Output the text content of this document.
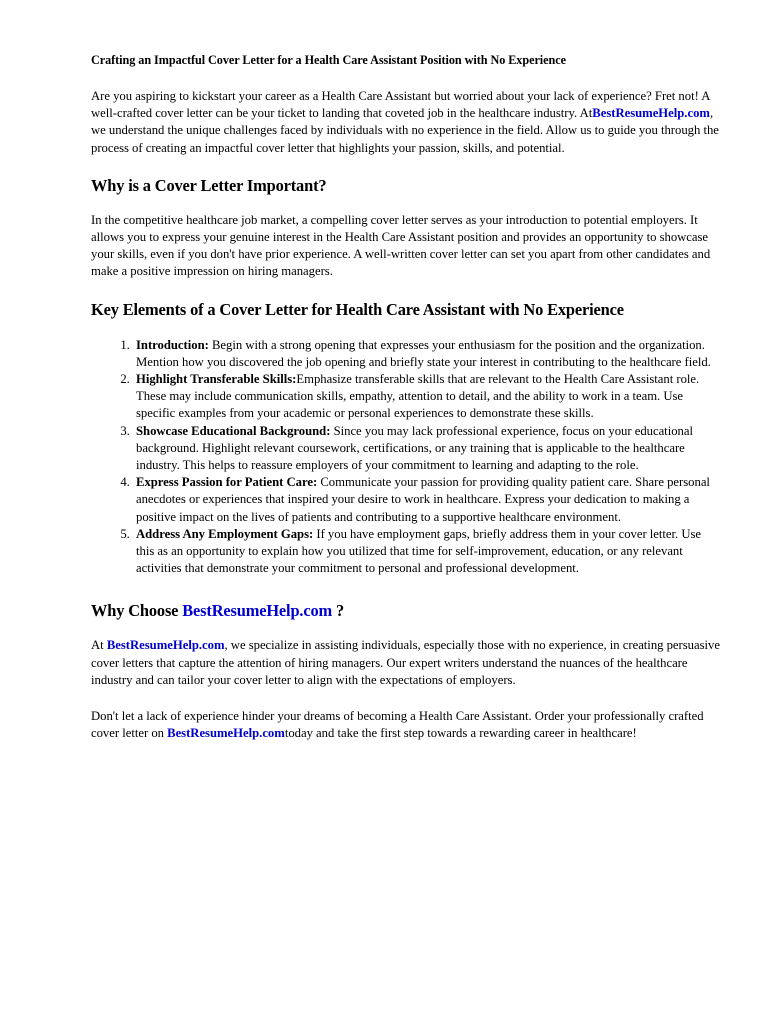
Crafting an Impactful Cover Letter for a Health Care Assistant Position with No Experience

Are you aspiring to kickstart your career as a Health Care Assistant but worried about your lack of experience? Fret not! A well-crafted cover letter can be your ticket to landing that coveted job in the healthcare industry. AtBestResumeHelp.com, we understand the unique challenges faced by individuals with no experience in the field. Allow us to guide you through the process of creating an impactful cover letter that highlights your passion, skills, and potential.

Why is a Cover Letter Important?

In the competitive healthcare job market, a compelling cover letter serves as your introduction to potential employers. It allows you to express your genuine interest in the Health Care Assistant position and provides an opportunity to showcase your skills, even if you don't have prior experience. A well-written cover letter can set you apart from other candidates and make a positive impression on hiring managers.

Key Elements of a Cover Letter for Health Care Assistant with No Experience
1. Introduction: Begin with a strong opening that expresses your enthusiasm for the position and the organization. Mention how you discovered the job opening and briefly state your interest in contributing to the healthcare field.
2. Highlight Transferable Skills:Emphasize transferable skills that are relevant to the Health Care Assistant role. These may include communication skills, empathy, attention to detail, and the ability to work in a team. Use specific examples from your academic or personal experiences to demonstrate these skills.
3. Showcase Educational Background: Since you may lack professional experience, focus on your educational background. Highlight relevant coursework, certifications, or any training that is applicable to the healthcare industry. This helps to reassure employers of your commitment to learning and adapting to the role.
4. Express Passion for Patient Care: Communicate your passion for providing quality patient care. Share personal anecdotes or experiences that inspired your desire to work in healthcare. Express your dedication to making a positive impact on the lives of patients and contributing to a supportive healthcare environment.
5. Address Any Employment Gaps: If you have employment gaps, briefly address them in your cover letter. Use this as an opportunity to explain how you utilized that time for self-improvement, education, or any relevant activities that demonstrate your commitment to personal and professional development.
Why Choose BestResumeHelp.com ?

At BestResumeHelp.com, we specialize in assisting individuals, especially those with no experience, in creating persuasive cover letters that capture the attention of hiring managers. Our expert writers understand the nuances of the healthcare industry and can tailor your cover letter to align with the expectations of employers.

Don't let a lack of experience hinder your dreams of becoming a Health Care Assistant. Order your professionally crafted cover letter on BestResumeHelp.comtoday and take the first step towards a rewarding career in healthcare!
